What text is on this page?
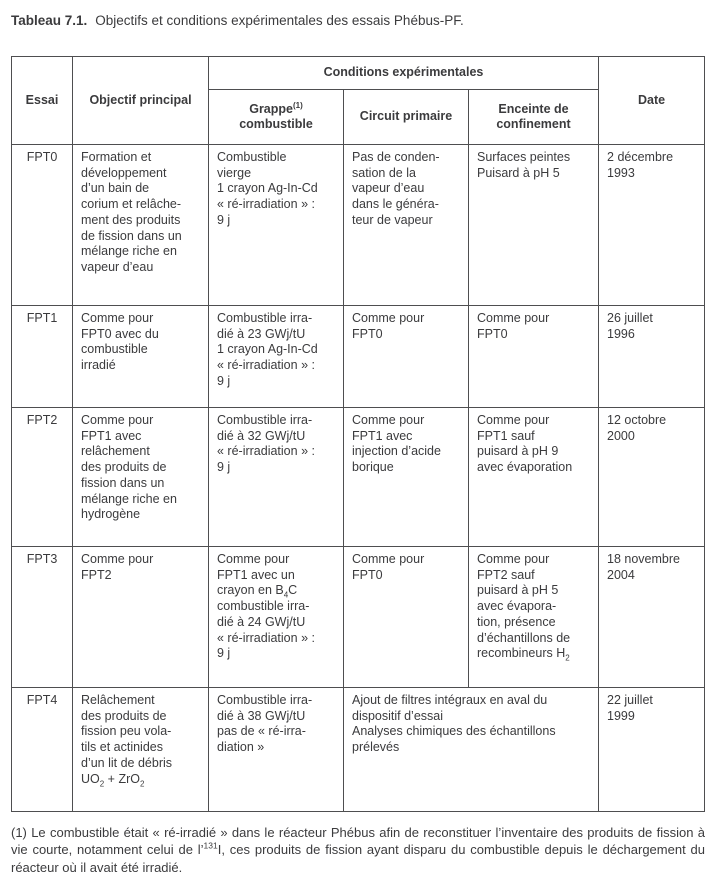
Tableau 7.1. Objectifs et conditions expérimentales des essais Phébus-PF.

Essai	Objectif principal	Conditions expérimentales			Date
		Grappe$^{(1)}$
combustible	Circuit primaire	Enceinte de
confinement	
FPT0	Formation et
développement
d’un bain de
corium et relâche-
ment des produits
de fission dans un
mélange riche en
vapeur d’eau	Combustible
vierge
1 crayon Ag-In-Cd
« ré-irradiation » :
9 j	Pas de conden-
sation de la
vapeur d’eau
dans le généra-
teur de vapeur	Surfaces peintes
Puisard à pH 5	2 décembre
1993
FPT1	Comme pour
FPT0 avec du
combustible
irradié	Combustible irra-
dié à 23 GWj/tU
1 crayon Ag-In-Cd
« ré-irradiation » :
9 j	Comme pour
FPT0	Comme pour
FPT0	26 juillet
1996
FPT2	Comme pour
FPT1 avec
relâchement
des produits de
fission dans un
mélange riche en
hydrogène	Combustible irra-
dié à 32 GWj/tU
« ré-irradiation » :
9 j	Comme pour
FPT1 avec
injection d’acide
borique	Comme pour
FPT1 sauf
puisard à pH 9
avec évaporation	12 octobre
2000
FPT3	Comme pour
FPT2	Comme pour
FPT1 avec un
crayon en $B_4C$
combustible irra-
dié à 24 GWj/tU
« ré-irradiation » :
9 j	Comme pour
FPT0	Comme pour
FPT2 sauf
puisard à pH 5
avec évapora-
tion, présence
d’échantillons de
recombineurs $H_2$	18 novembre
2004
FPT4	Relâchement
des produits de
fission peu vola-
tils et actinides
d’un lit de débris
$UO_2 + ZrO_2$	Combustible irra-
dié à 38 GWj/tU
pas de « ré-irra-
diation »	Ajout de filtres intégraux en aval du
dispositif d’essai
Analyses chimiques des échantillons
prélevés	22 juillet
1999

(1) Le combustible était « ré-irradié » dans le réacteur Phébus afin de reconstituer l’inventaire des produits de fission à vie courte, notamment celui de l’$^{131}$I, ces produits de fission ayant disparu du combustible depuis le déchargement du réacteur où il avait été irradié.
